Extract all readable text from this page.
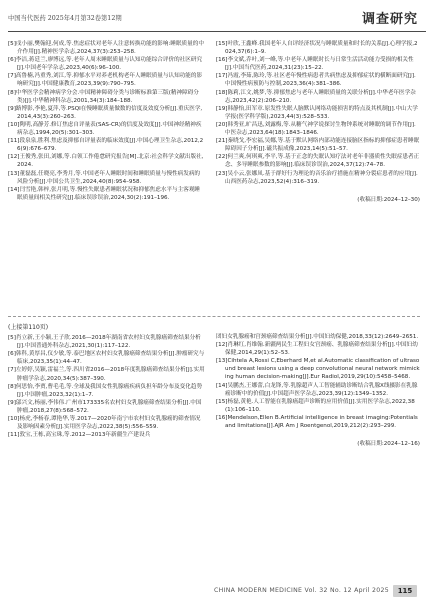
中国当代医药 2025年4月第32卷第12期	调查研究

[5]戌小丽,樊翰迎,何成,等.焦虑症状对老年人注意转换功能的影响:睡眠质量的中介作用[J].精神医学杂志,2024,37(3):253–258.

[6]李洁,蒋廷兰,廖博远,等.老年人周末睡眠质量与认知功能综合评价的社区研究[J].中国老年学杂志,2023,40(6):96–100.

[7]高鲁楠,冯重秀,刘江,等.抑郁水平对养老机构老年人睡眠质量与认知功能的影响研究[J].中国健康教育,2023,39(9):790–795.

[8]中华医学会精神病学分会.中国精神障碍分类与诊断标准第三版(精神障碍分类)[J].中华精神科杂志,2001,34(3):184–188.

[9]路博影,李艳,夏萍,等.PSQI在慢睡眠质量做数的信度及效度分析[J].重庆医学,2014,43(3):260–263.

[10]陶明,高静芳.修订焦虑自评量表(SAS-CR)的信度及效度[J].中国神经精神疾病杂志,1994,20(5):301–303.

[11]段泉泉,胜利.焦虑及抑郁自评量表的临床效度[J].中国心理卫生杂志,2012,26(9):676–679.

[12]王俊秀,张田,刘娜,等.白领工作倦怠研究报告[M].北京:社会科学文献出版社,2024.

[13]董磊磊,任晓亮,李秀月,等.中国老年人睡眠时间和睡眠质量与慢性病发病的风险分析[J].中国公共卫生,2024,40(8):954–958.

[14]闫雪艳,韩梓,张月明,等.慢性失眠患者睡眠状况和抑郁焦虑水平与主客观睡眠质量间相关性研究[J].临床误诊误治,2024,30(2):191–196.

[15]叶欣,王鑫峰.我国老年人自评经济状况与睡眠质量和时长的关系[J].心理学报,2024,37(6):1–9.

[16]李文斌,乔叶,刘一峰,等.中老年人睡眠时长与日常生活活动能力受损的相关性[J].中国当代医药,2024,31(23):15–22.

[17]冯霞,李茹,陈玲,等.社区老年慢性病患者共病焦虑及抑郁症状的横断面研究[J].中国慢性病预防与控制,2023,36(4):381–386.

[18]陈莉,江文,姚梦,等.抑郁焦虑与老年人睡眠质量的关联分析[J].中华老年医学杂志,2023,42(2):206–210.

[19]韩静怡,田军章.原发性失眠人脑默认网络功能损害的特点及其机制[J].中山大学学报(医学科学版),2023,44(3):528–533.

[20]韩秀亚,旷昌迅,刘露梅,等.从糖气神学说探讨生物钟系统对睡眠的调节作用[J].中医杂志,2023,64(18):1843–1846.

[21]秦晓戈,李宏福,吴娜,等.基于默认网络内部功能连接脑区指标的抑郁症患者睡眠障碍因子分析[J].磁共振成像,2023,14(5):51–57.

[22]何兰爽,何琪爽,李平,等.基于正念的失眠认知疗法对老年非器质性失眠症患者正念、多导睡眠参数的影响[J].临床误诊误治,2024,37(12):74–78.

[23]吴小云,张娜凤.基于群好行为理论的音乐治疗措施在精神分裂症患者的应用[J].山西医药杂志,2023,52(4):316–319.

(收稿日期:2024–12–30)

(上接第110页)

[5]肖立新,王小颖,王子欣.2016—2018年湖南省农村妇女乳腺癌筛查结果分析[J].中国普通外科杂志,2021,30(1):117–122.

[6]韩科,黄厚昌,仪少敏,等.泰巴地区农村妇女乳腺癌筛查结果分析[J].肿瘤研究与临床,2023,35(1):44–47.

[7]左婷婷,吴颖,雷福兰,等.四川省2016—2018年度乳腺癌筛查结果分析[J].实用肿瘤学杂志,2020,34(5):387–390.

[8]何思怡,李贾,曹毛毛,等.全球及我国女性乳腺癌疾病负担年龄分布及变化趋势[J].中国肿瘤,2023,32(1):1–7.

[9]邬兴文,杨丽,李伟伟.广州市173335名农村妇女乳腺癌筛查结果分析[J].中国肿瘤,2018,27(8):568–572.

[10]杨虎,李杨春,谭艳华,等.2017—2020年南宁市农村妇女乳腺癌的筛查情况及影响因素分析[J].实用医学杂志,2022,38(5):556–559.

[11]敦宝,王栋,高宝珠,等.2012—2013年新疆生产建设兵

团妇女乳腺癌和宫颈癌筛查结果分析[J].中国妇幼保健,2018,33(12):2649–2651.

[12]肖琳红,肖维翰.新疆两民生工程妇女宫颈癌、乳腺癌筛查结果分析[J].中国妇幼保健,2014,29(1):52–53.

[13]Cihtela A,Rossi C,Eberhard M,et al.Automatic classification of ultrasound breast lesions using a deep convolutional neural network mimicking human decision-making[J].Eur Radiol,2019,29(10):5458–5468.

[14]吴鹏杰,王娜蕾,白龙锋,等.乳腺超声人工智能辅助诊断结合乳腺X线摄影在乳腺癌诊断中的价值[J].中国超声医学杂志,2023,39(12):1349–1352.

[15]杨磊,黄艳.人工智能在乳腺癌超声诊断的应用价值[J].实用医学杂志,2022,38(1):106–110.

[16]Mendelson,Ellen B.Artificial intelligence in breast imaging:Potentials and limitations[J].AJR Am J Roentgenol,2019,212(2):293–299.

(收稿日期:2024–12–16)

CHINA MODERN MEDICINE Vol. 32 No. 12 April 2025	115
